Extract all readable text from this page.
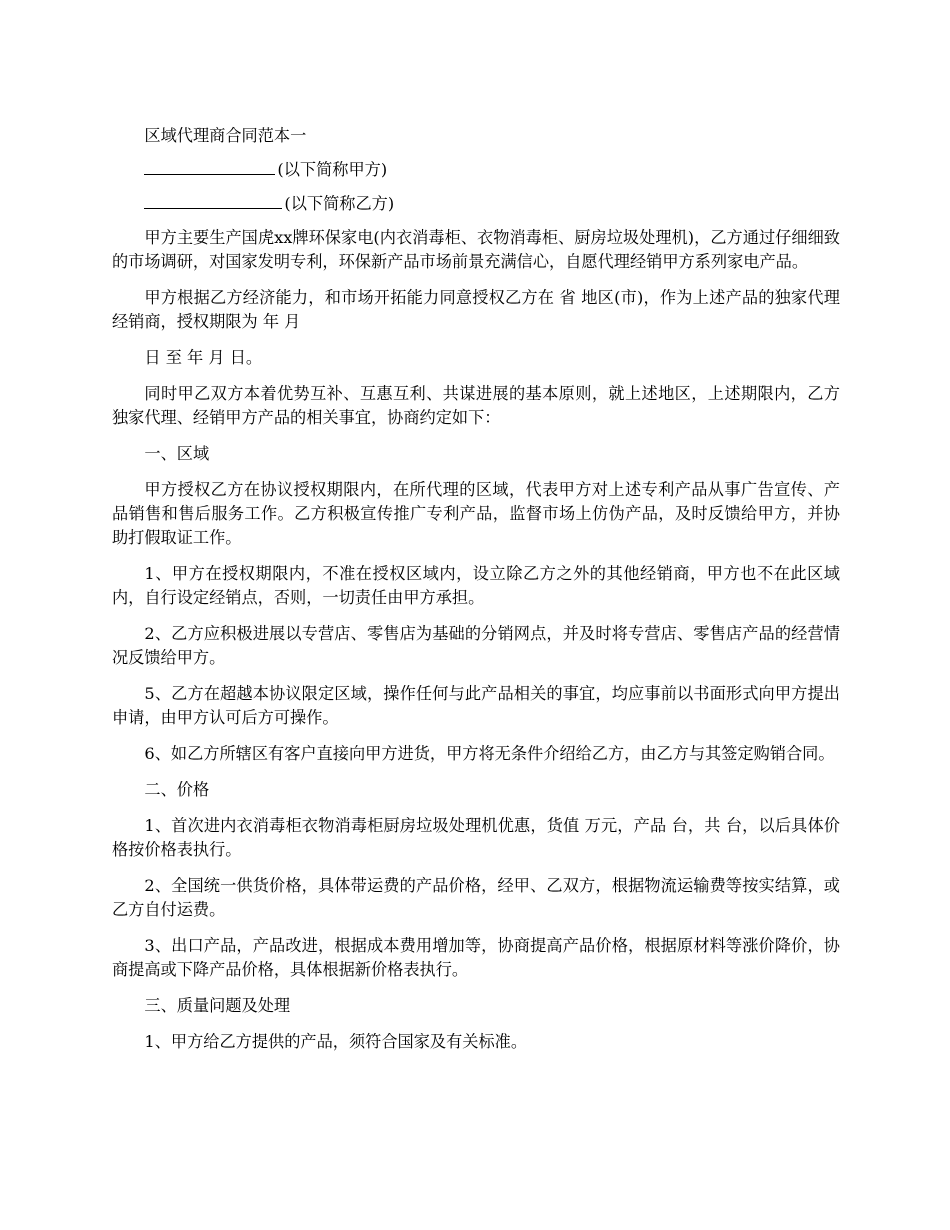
区域代理商合同范本一

(以下简称甲方)

(以下简称乙方)

甲方主要生产国虎xx牌环保家电(内衣消毒柜、衣物消毒柜、厨房垃圾处理机)，乙方通过仔细细致的市场调研，对国家发明专利，环保新产品市场前景充满信心，自愿代理经销甲方系列家电产品。

甲方根据乙方经济能力，和市场开拓能力同意授权乙方在 省 地区(市)，作为上述产品的独家代理经销商，授权期限为 年 月

日 至 年 月 日。

同时甲乙双方本着优势互补、互惠互利、共谋进展的基本原则，就上述地区，上述期限内，乙方独家代理、经销甲方产品的相关事宜，协商约定如下：

一、区域

甲方授权乙方在协议授权期限内，在所代理的区域，代表甲方对上述专利产品从事广告宣传、产品销售和售后服务工作。乙方积极宣传推广专利产品，监督市场上仿伪产品，及时反馈给甲方，并协助打假取证工作。

1、甲方在授权期限内，不准在授权区域内，设立除乙方之外的其他经销商，甲方也不在此区域内，自行设定经销点，否则，一切责任由甲方承担。

2、乙方应积极进展以专营店、零售店为基础的分销网点，并及时将专营店、零售店产品的经营情况反馈给甲方。

5、乙方在超越本协议限定区域，操作任何与此产品相关的事宜，均应事前以书面形式向甲方提出申请，由甲方认可后方可操作。

6、如乙方所辖区有客户直接向甲方进货，甲方将无条件介绍给乙方，由乙方与其签定购销合同。

二、价格

1、首次进内衣消毒柜衣物消毒柜厨房垃圾处理机优惠，货值 万元，产品 台，共 台，以后具体价格按价格表执行。

2、全国统一供货价格，具体带运费的产品价格，经甲、乙双方，根据物流运输费等按实结算，或乙方自付运费。

3、出口产品，产品改进，根据成本费用增加等，协商提高产品价格，根据原材料等涨价降价，协商提高或下降产品价格，具体根据新价格表执行。

三、质量问题及处理

1、甲方给乙方提供的产品，须符合国家及有关标准。
